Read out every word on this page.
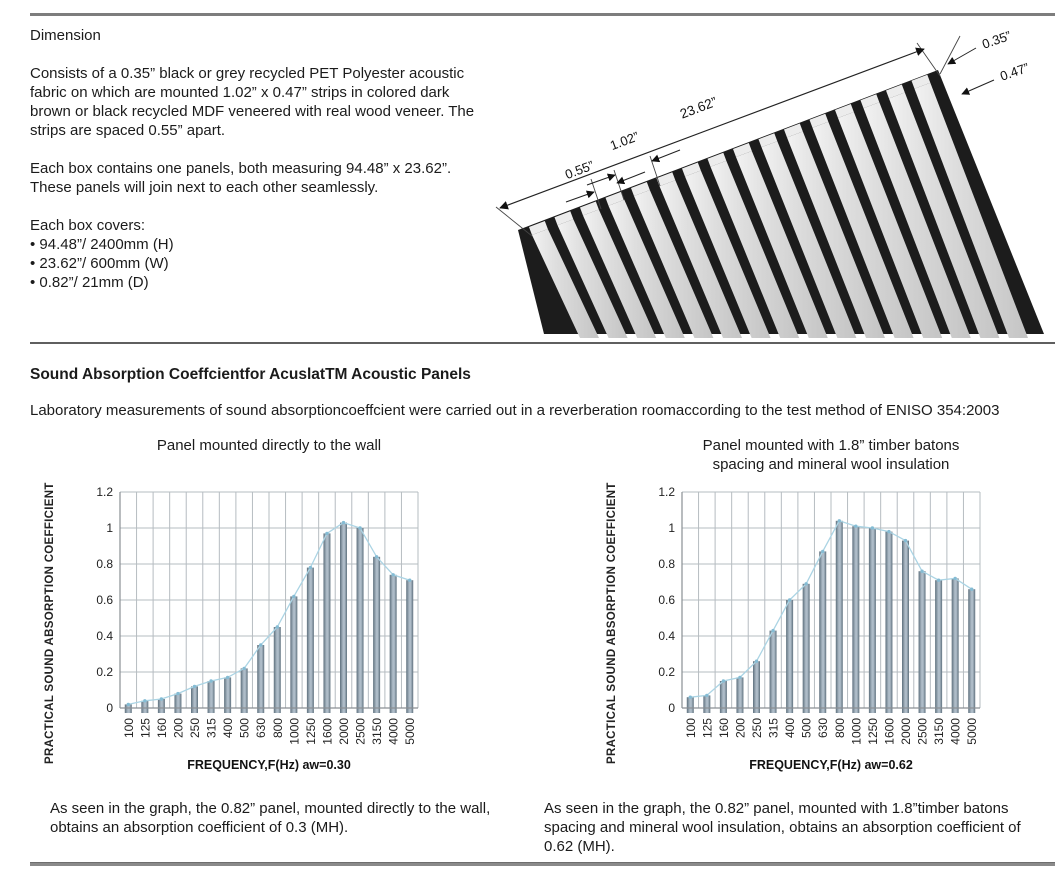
Dimension

Consists of a 0.35” black or grey recycled PET Polyester acoustic fabric on which are mounted 1.02” x 0.47” strips in colored dark brown or black recycled MDF veneered with real wood veneer. The strips are spaced 0.55” apart.

Each box contains one panels, both measuring 94.48” x 23.62”. These panels will join next to each other seamlessly.

Each box covers:
• 94.48”/ 2400mm (H)
• 23.62”/ 600mm (W)
• 0.82”/ 21mm (D)
23.62”
0.55”
1.02”
0.35”
0.47”
Sound Absorption Coeffcientfor AcuslatTM Acoustic Panels
Laboratory measurements of sound absorptioncoeffcient were carried out in a reverberation roomaccording to the test method of ENISO 354:2003
Panel mounted directly to the wall
PRACTICAL SOUND ABSORPTION COEFFICIENT	0
0.2
0.4
0.6
0.8
1
1.2
100 125 160 200 250 315 400 500 630 800 1000 1250 1600 2000 2500 3150 4000 5000
FREQUENCY,F(Hz) aw=0.30
As seen in the graph, the 0.82” panel, mounted directly to the wall, obtains an absorption coefficient of 0.3 (MH).
Panel mounted with 1.8” timber batons spacing and mineral wool insulation
PRACTICAL SOUND ABSORPTION COEFFICIENT	0
0.2
0.4
0.6
0.8
1
1.2
100 125 160 200 250 315 400 500 630 800 1000 1250 1600 2000 2500 3150 4000 5000
FREQUENCY,F(Hz) aw=0.62
As seen in the graph, the 0.82” panel, mounted with 1.8”timber batons spacing and mineral wool insulation, obtains an absorption coefficient of 0.62 (MH).
